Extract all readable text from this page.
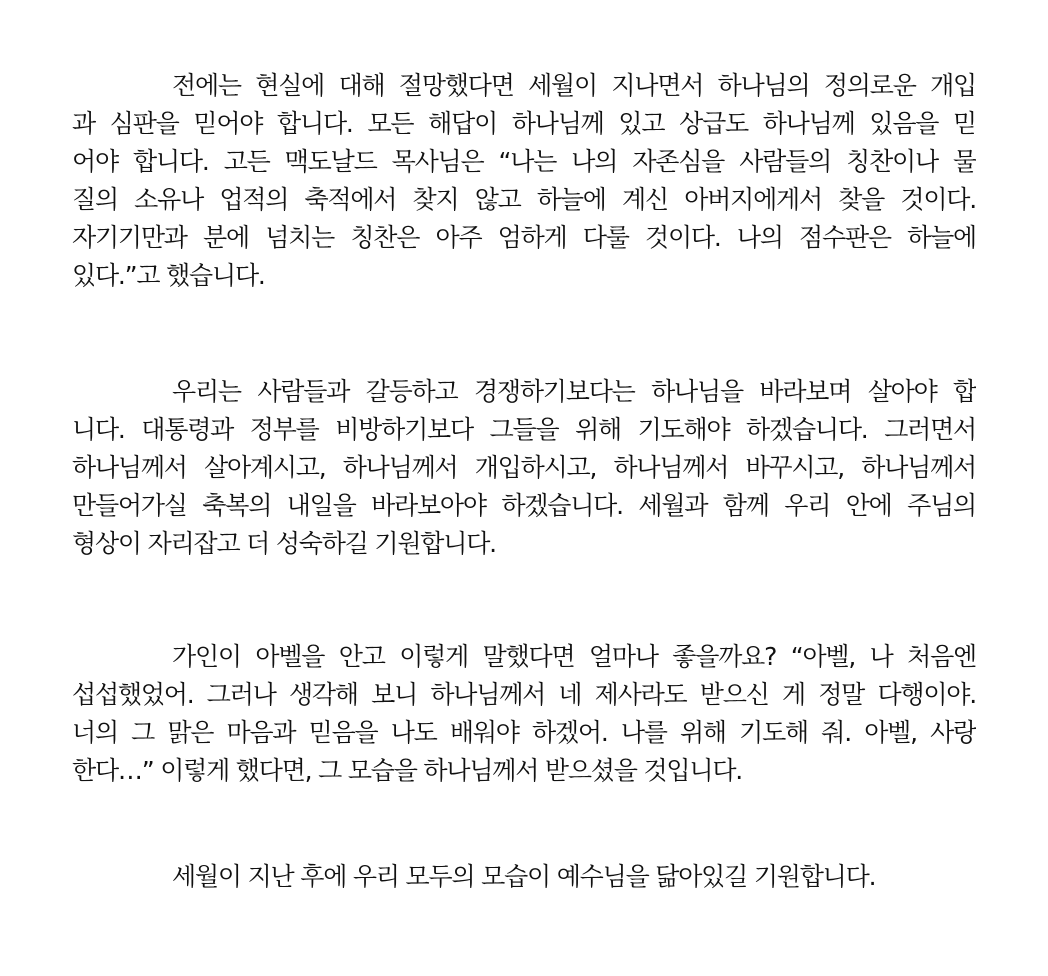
전에는 현실에 대해 절망했다면 세월이 지나면서 하나님의 정의로운 개입
과 심판을 믿어야 합니다. 모든 해답이 하나님께 있고 상급도 하나님께 있음을 믿
어야 합니다. 고든 맥도날드 목사님은 “나는 나의 자존심을 사람들의 칭찬이나 물
질의 소유나 업적의 축적에서 찾지 않고 하늘에 계신 아버지에게서 찾을 것이다.
자기기만과 분에 넘치는 칭찬은 아주 엄하게 다룰 것이다. 나의 점수판은 하늘에
있다.”고 했습니다.
우리는 사람들과 갈등하고 경쟁하기보다는 하나님을 바라보며 살아야 합
니다. 대통령과 정부를 비방하기보다 그들을 위해 기도해야 하겠습니다. 그러면서
하나님께서 살아계시고, 하나님께서 개입하시고, 하나님께서 바꾸시고, 하나님께서
만들어가실 축복의 내일을 바라보아야 하겠습니다. 세월과 함께 우리 안에 주님의
형상이 자리잡고 더 성숙하길 기원합니다.
가인이 아벨을 안고 이렇게 말했다면 얼마나 좋을까요? “아벨, 나 처음엔
섭섭했었어. 그러나 생각해 보니 하나님께서 네 제사라도 받으신 게 정말 다행이야.
너의 그 맑은 마음과 믿음을 나도 배워야 하겠어. 나를 위해 기도해 줘. 아벨, 사랑
한다…” 이렇게 했다면, 그 모습을 하나님께서 받으셨을 것입니다.
세월이 지난 후에 우리 모두의 모습이 예수님을 닮아있길 기원합니다.
